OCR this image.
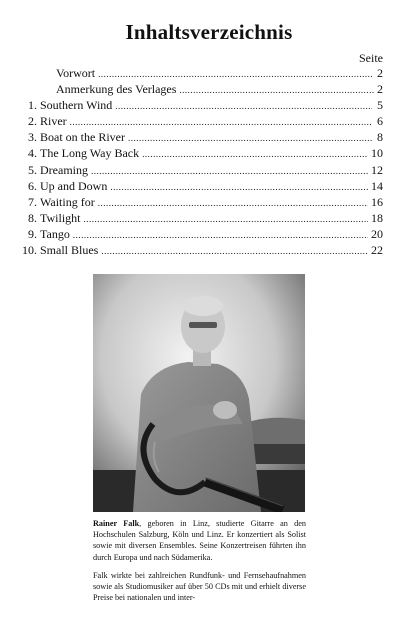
Inhaltsverzeichnis
Seite
Vorwort .....	2
Anmerkung des Verlages .....	2
1. Southern Wind .....	5
2. River .....	6
3. Boat on the River .....	8
4. The Long Way Back .....	10
5. Dreaming .....	12
6. Up and Down .....	14
7. Waiting for .....	16
8. Twilight .....	18
9. Tango .....	20
10. Small Blues .....	22

Rainer Falk, geboren in Linz, studierte Gitarre an den Hochschulen Salzburg, Köln und Linz. Er konzertiert als Solist sowie mit diversen Ensembles. Seine Konzertreisen führten ihn durch Europa und nach Südamerika.

Falk wirkte bei zahlreichen Rundfunk- und Fernsehaufnahmen sowie als Studiomusiker auf über 50 CDs mit und erhielt diverse Preise bei nationalen und inter-
